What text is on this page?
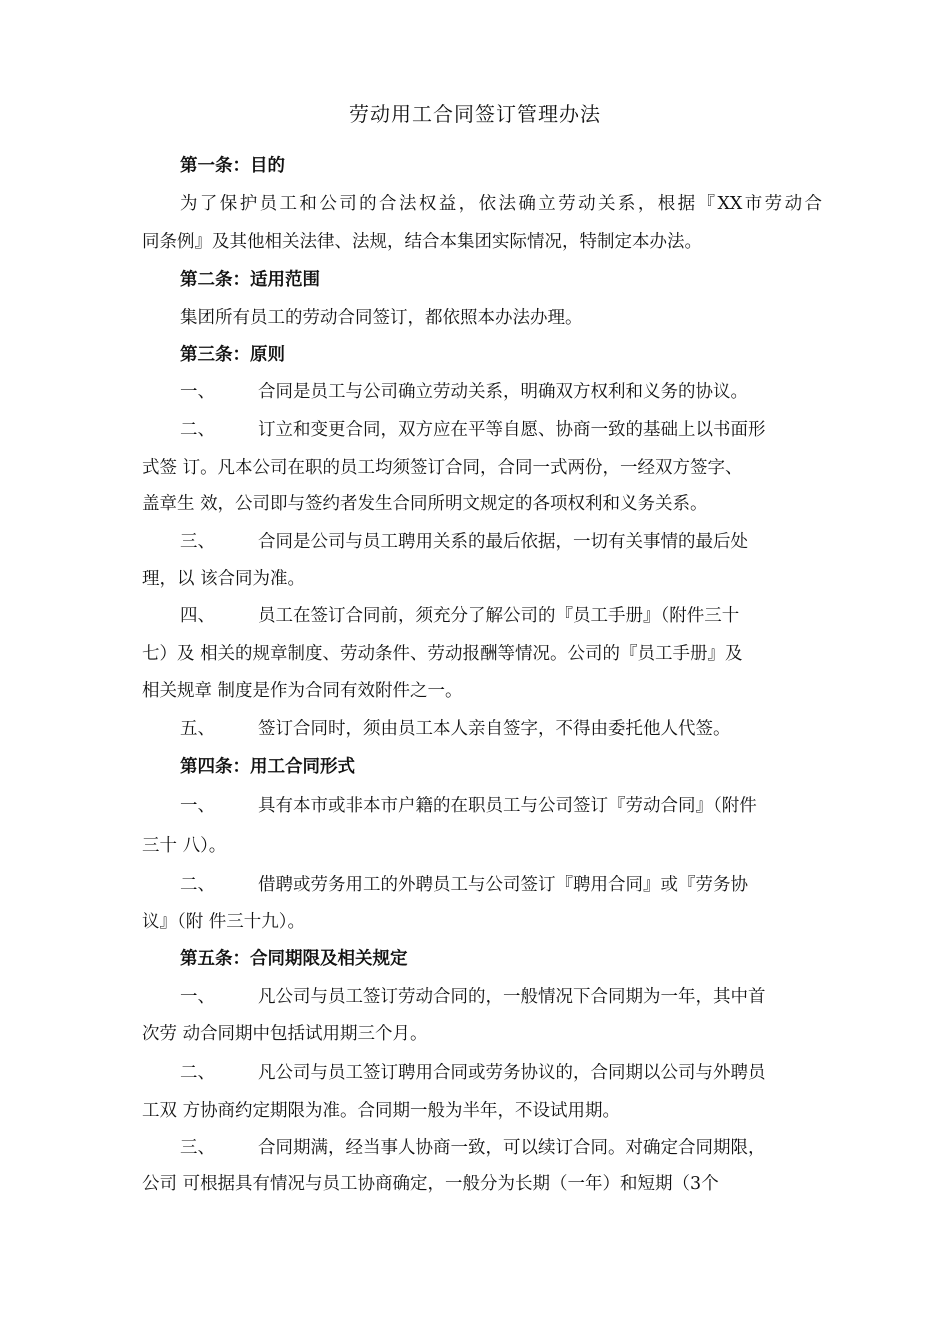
劳动用工合同签订管理办法
第一条：目的
为了保护员工和公司的合法权益，依法确立劳动关系，根据『XX市劳动合
同条例』及其他相关法律、法规，结合本集团实际情况，特制定本办法。
第二条：适用范围
集团所有员工的劳动合同签订，都依照本办法办理。
第三条：原则
一、 合同是员工与公司确立劳动关系，明确双方权利和义务的协议。
二、 订立和变更合同，双方应在平等自愿、协商一致的基础上以书面形
式签 订。凡本公司在职的员工均须签订合同，合同一式两份，一经双方签字、
盖章生 效，公司即与签约者发生合同所明文规定的各项权利和义务关系。
三、 合同是公司与员工聘用关系的最后依据，一切有关事情的最后处
理，以 该合同为准。
四、 员工在签订合同前，须充分了解公司的『员工手册』（附件三十
七）及 相关的规章制度、劳动条件、劳动报酬等情况。公司的『员工手册』及
相关规章 制度是作为合同有效附件之一。
五、 签订合同时，须由员工本人亲自签字，不得由委托他人代签。
第四条：用工合同形式
一、 具有本市或非本市户籍的在职员工与公司签订『劳动合同』（附件
三十 八）。
二、 借聘或劳务用工的外聘员工与公司签订『聘用合同』或『劳务协
议』（附 件三十九）。
第五条：合同期限及相关规定
一、 凡公司与员工签订劳动合同的，一般情况下合同期为一年，其中首
次劳 动合同期中包括试用期三个月。
二、 凡公司与员工签订聘用合同或劳务协议的，合同期以公司与外聘员
工双 方协商约定期限为准。合同期一般为半年，不设试用期。
三、 合同期满，经当事人协商一致，可以续订合同。对确定合同期限，
公司 可根据具有情况与员工协商确定，一般分为长期（一年）和短期（3个
